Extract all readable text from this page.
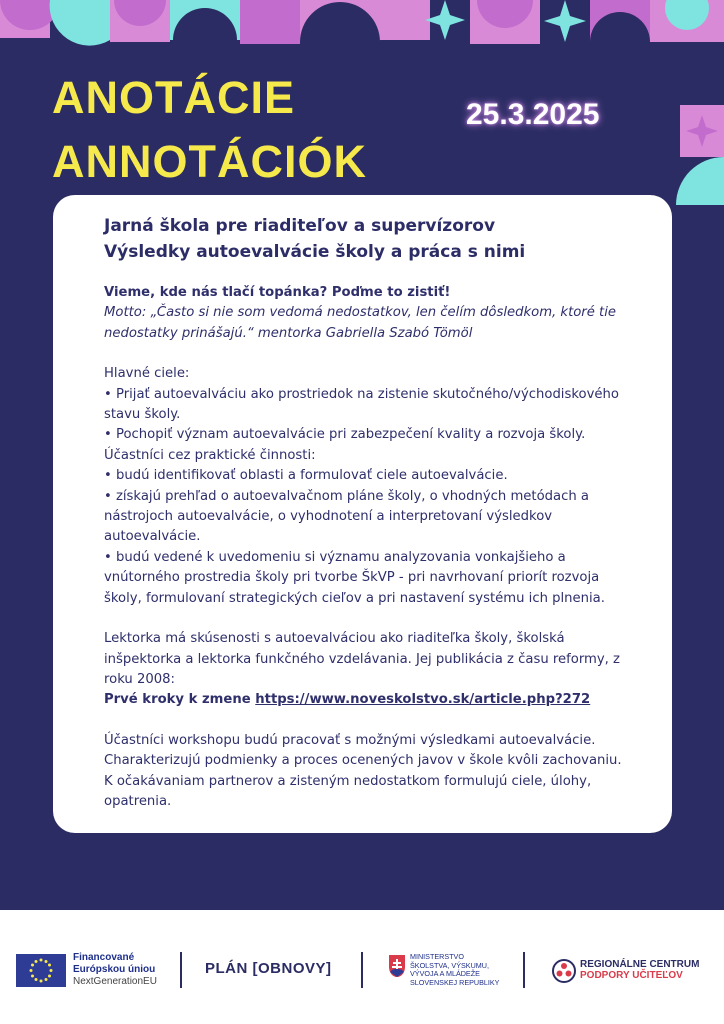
ANOTÁCIE
ANNOTÁCIÓK
25.3.2025

Jarná škola pre riaditeľov a supervízorov

Výsledky autoevalvácie školy a práca s nimi

Vieme, kde nás tlačí topánka? Poďme to zistiť!

Motto: „Často si nie som vedomá nedostatkov, len čelím dôsledkom, ktoré tie nedostatky prinášajú.“ mentorka Gabriella Szabó Tömöl

Hlavné ciele:

• Prijať autoevalváciu ako prostriedok na zistenie skutočného/východiskového stavu školy.

• Pochopiť význam autoevalvácie pri zabezpečení kvality a rozvoja školy.

Účastníci cez praktické činnosti:

• budú identifikovať oblasti a formulovať ciele autoevalvácie.

• získajú prehľad o autoevalvačnom pláne školy, o vhodných metódach a nástrojoch autoevalvácie, o vyhodnotení a interpretovaní výsledkov autoevalvácie.

• budú vedené k uvedomeniu si významu analyzovania vonkajšieho a vnútorného prostredia školy pri tvorbe ŠkVP - pri navrhovaní priorít rozvoja školy, formulovaní strategických cieľov a pri nastavení systému ich plnenia.

Lektorka má skúsenosti s autoevalváciou ako riaditeľka školy, školská inšpektorka a lektorka funkčného vzdelávania. Jej publikácia z času reformy, z roku 2008:

Prvé kroky k zmene https://www.noveskolstvo.sk/article.php?272

Účastníci workshopu budú pracovať s možnými výsledkami autoevalvácie. Charakterizujú podmienky a proces ocenených javov v škole kvôli zachovaniu. K očakávaniam partnerov a zisteným nedostatkom formulujú ciele, úlohy, opatrenia.

Financované
Európskou úniou
NextGenerationEU
PLÁN [OBNOVY]
MINISTERSTVO
ŠKOLSTVA, VÝSKUMU,
VÝVOJA A MLÁDEŽE
SLOVENSKEJ REPUBLIKY
REGIONÁLNE CENTRUM
PODPORY UČITEĽOV
